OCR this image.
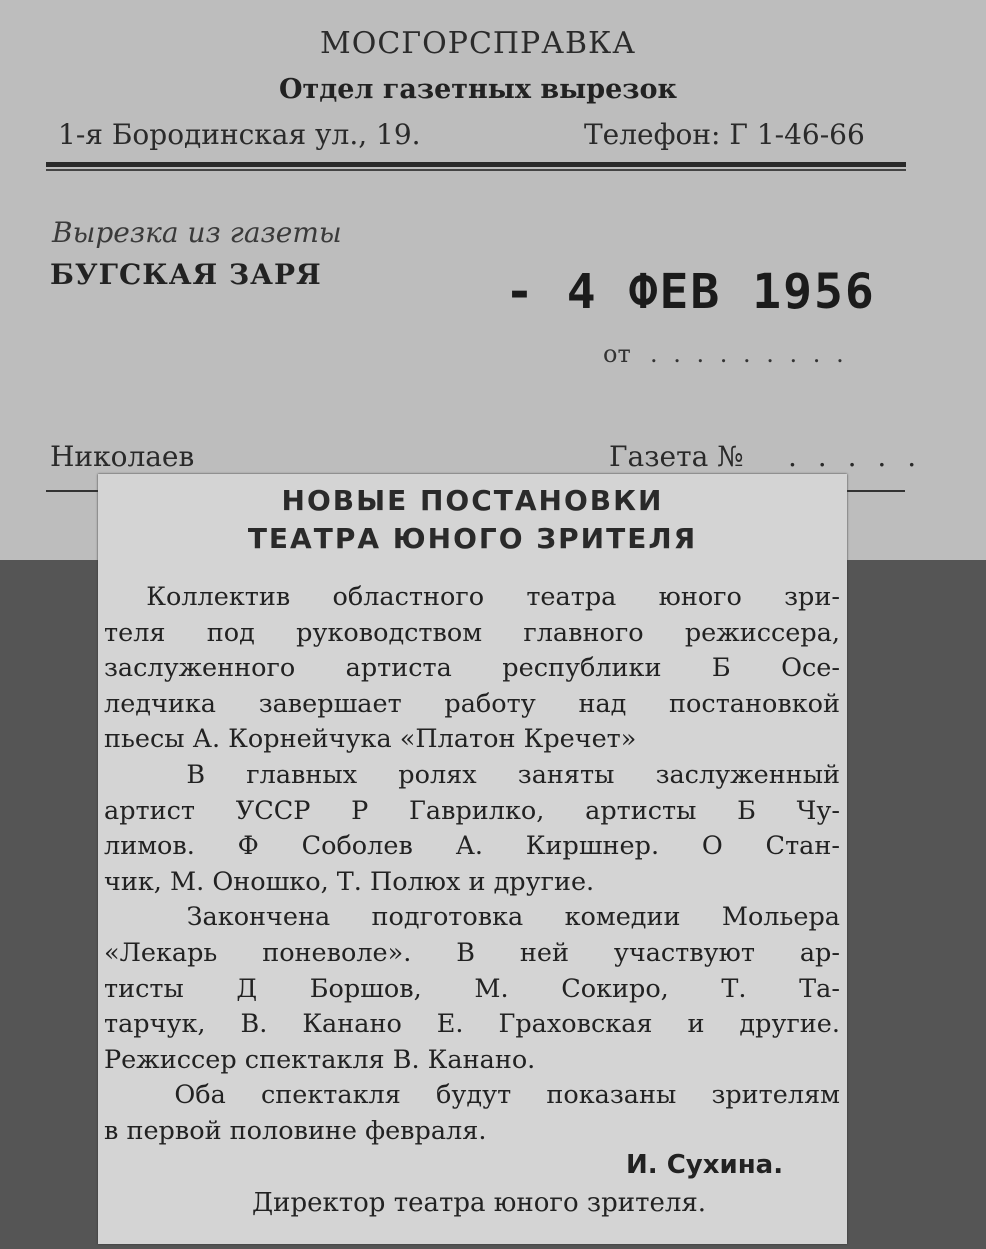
МОСГОРСПРАВКА
Отдел газетных вырезок
1-я Бородинская ул., 19.	Телефон: Г 1-46-66
Вырезка из газеты
БУГСКАЯ ЗАРЯ	- 4 ФЕВ 1956
от . . . . . . . . .
Николаев	Газета № . . . . .
НОВЫЕ ПОСТАНОВКИ
ТЕАТРА ЮНОГО ЗРИТЕЛЯ
Коллектив областного театра юного зри-
теля под руководством главного режиссера,
заслуженного артиста республики Б Осе-
ледчика завершает работу над постановкой
пьесы А. Корнейчука «Платон Кречет»
В главных ролях заняты заслуженный
артист УССР Р Гаврилко, артисты Б Чу-
лимов. Ф Соболев А. Киршнер. О Стан-
чик, М. Оношко, Т. Полюх и другие.
Закончена подготовка комедии Мольера
«Лекарь поневоле». В ней участвуют ар-
тисты Д Боршов, М. Сокиро, Т. Та-
тарчук, В. Канано Е. Граховская и другие.
Режиссер спектакля В. Канано.
Оба спектакля будут показаны зрителям
в первой половине февраля.
И. Сухина.
Директор театра юного зрителя.
